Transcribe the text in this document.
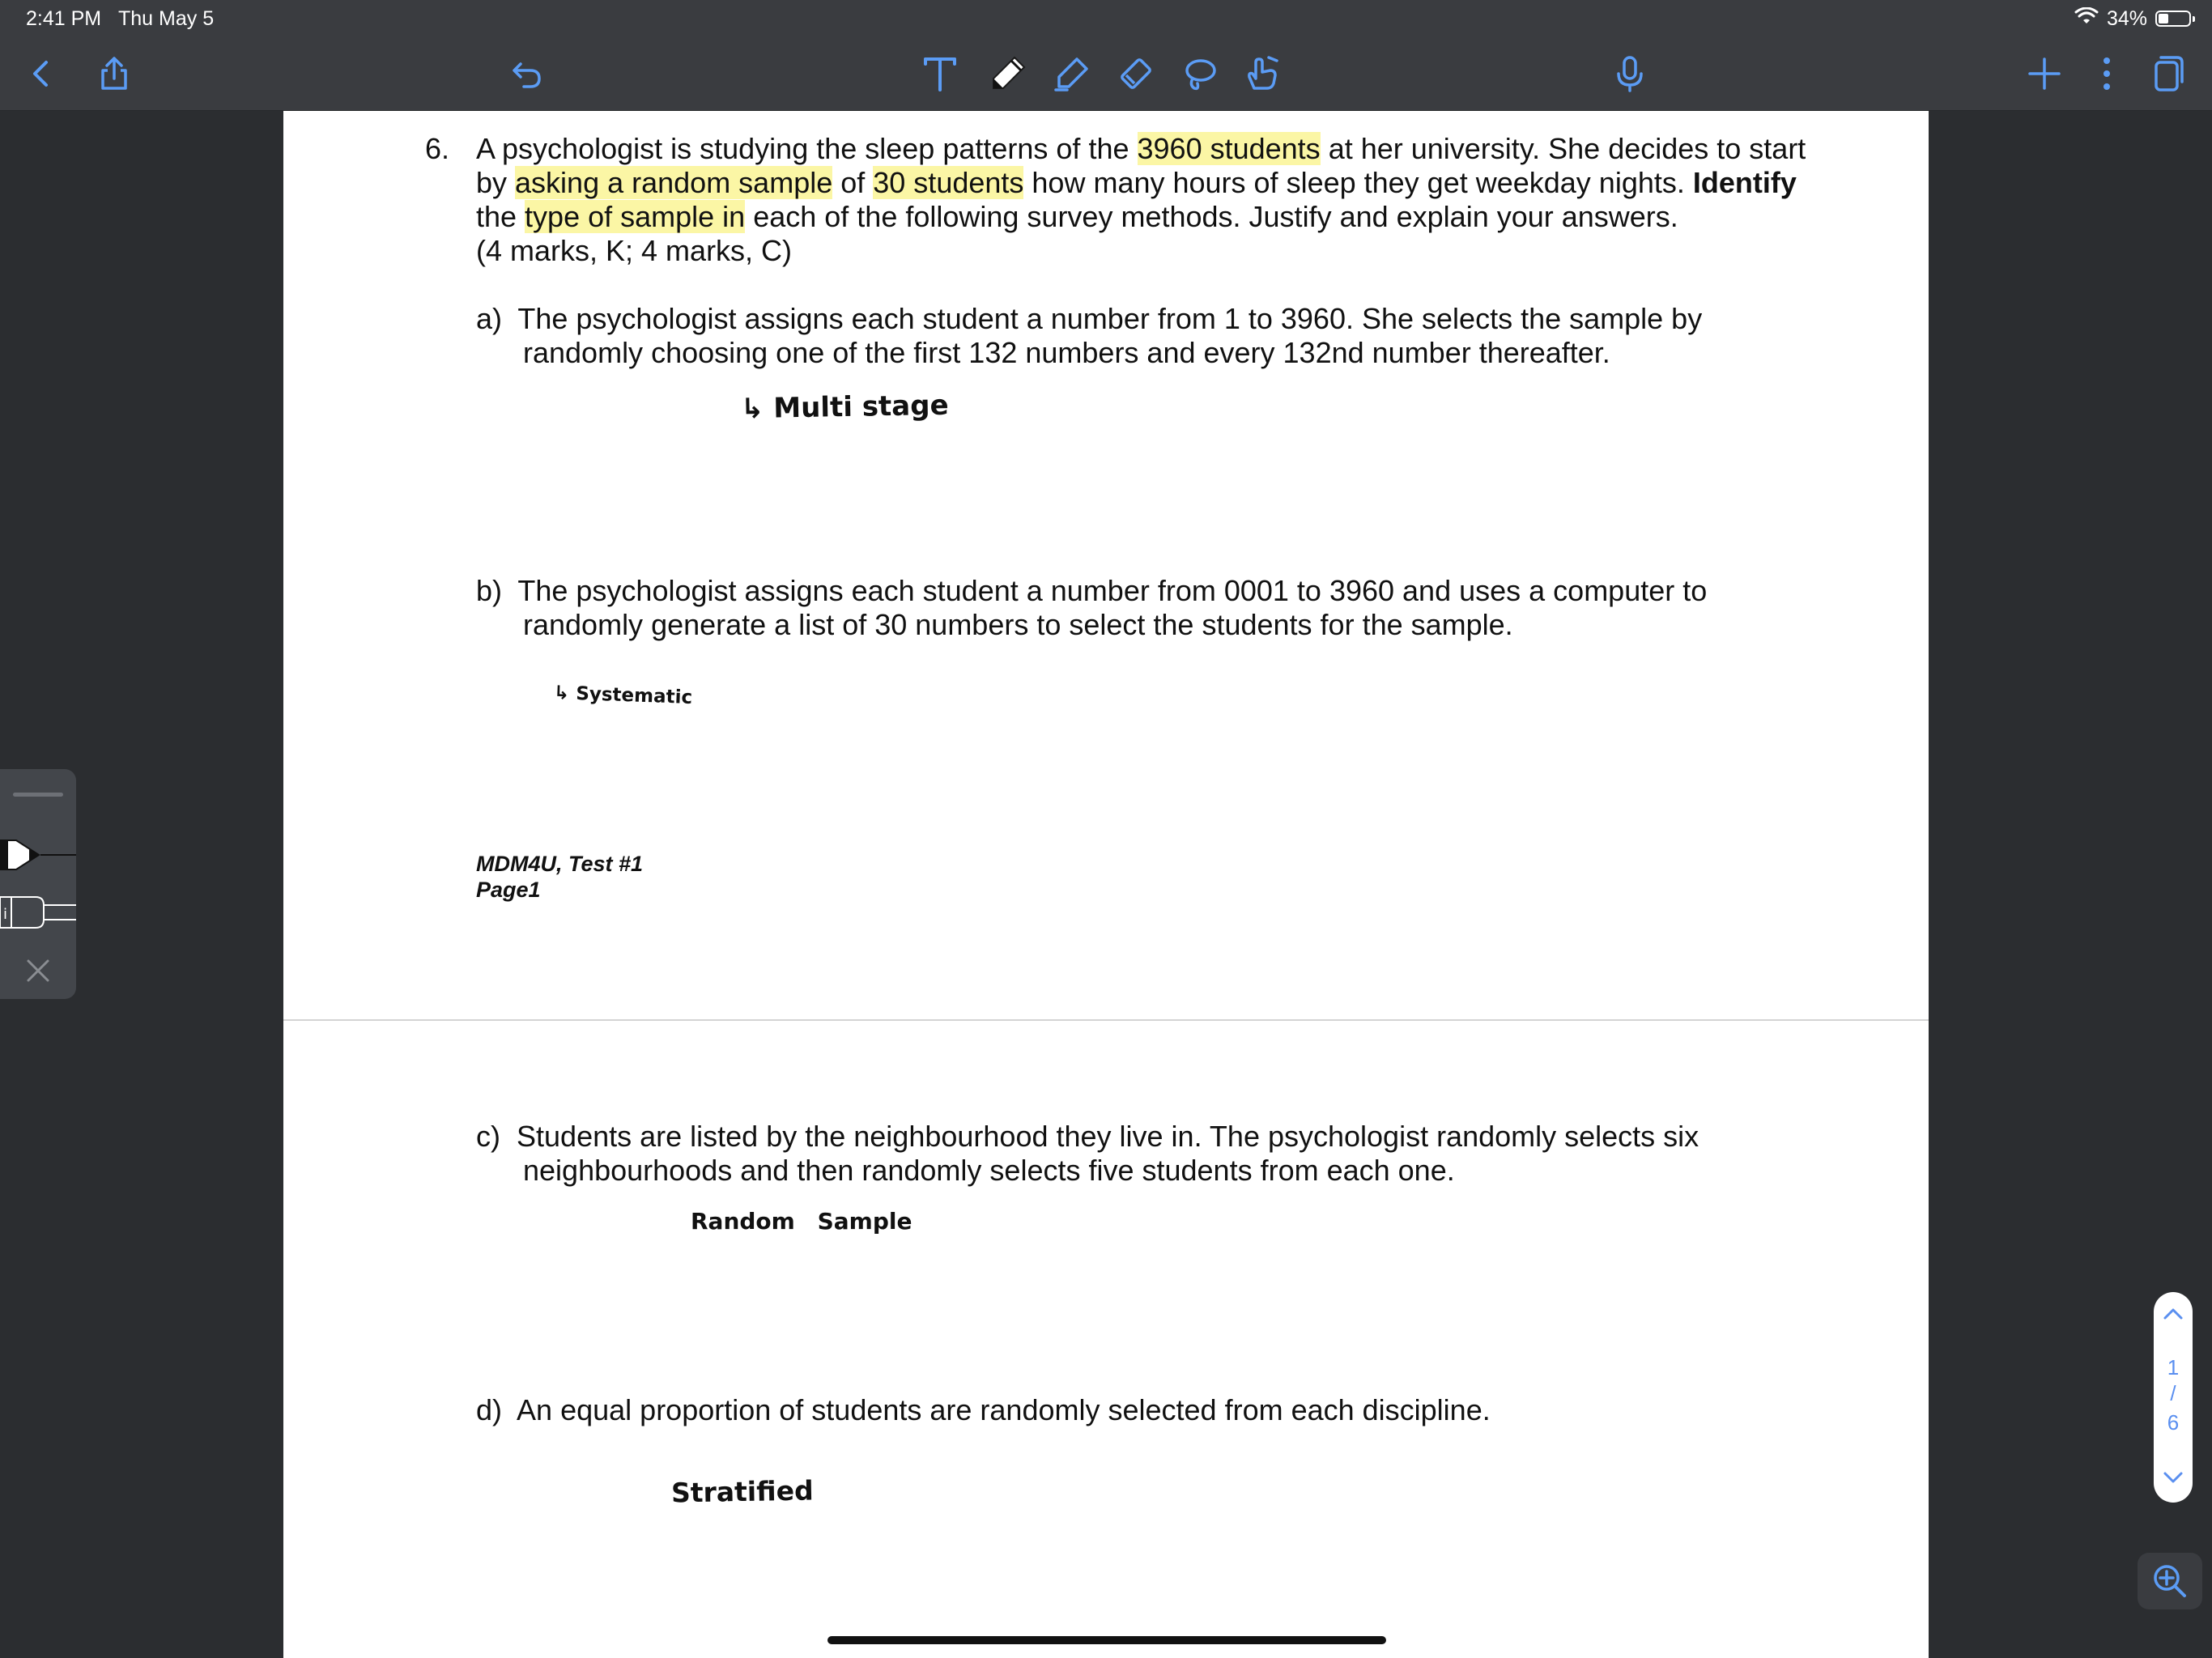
2:41 PM Thu May 5	34%
6. A psychologist is studying the sleep patterns of the 3960 students at her university. She decides to start

by asking a random sample of 30 students how many hours of sleep they get weekday nights. Identify

the type of sample in each of the following survey methods. Justify and explain your answers.

(4 marks, K; 4 marks, C)

a) The psychologist assigns each student a number from 1 to 3960. She selects the sample by
randomly choosing one of the first 132 numbers and every 132nd number thereafter.
↳ Multi stage
b) The psychologist assigns each student a number from 0001 to 3960 and uses a computer to
randomly generate a list of 30 numbers to select the students for the sample.
↳ Systematic
MDM4U, Test #1
Page1
c) Students are listed by the neighbourhood they live in. The psychologist randomly selects six
neighbourhoods and then randomly selects five students from each one.
Random Sample
d) An equal proportion of students are randomly selected from each discipline.
Stratified
i
1
/
6
